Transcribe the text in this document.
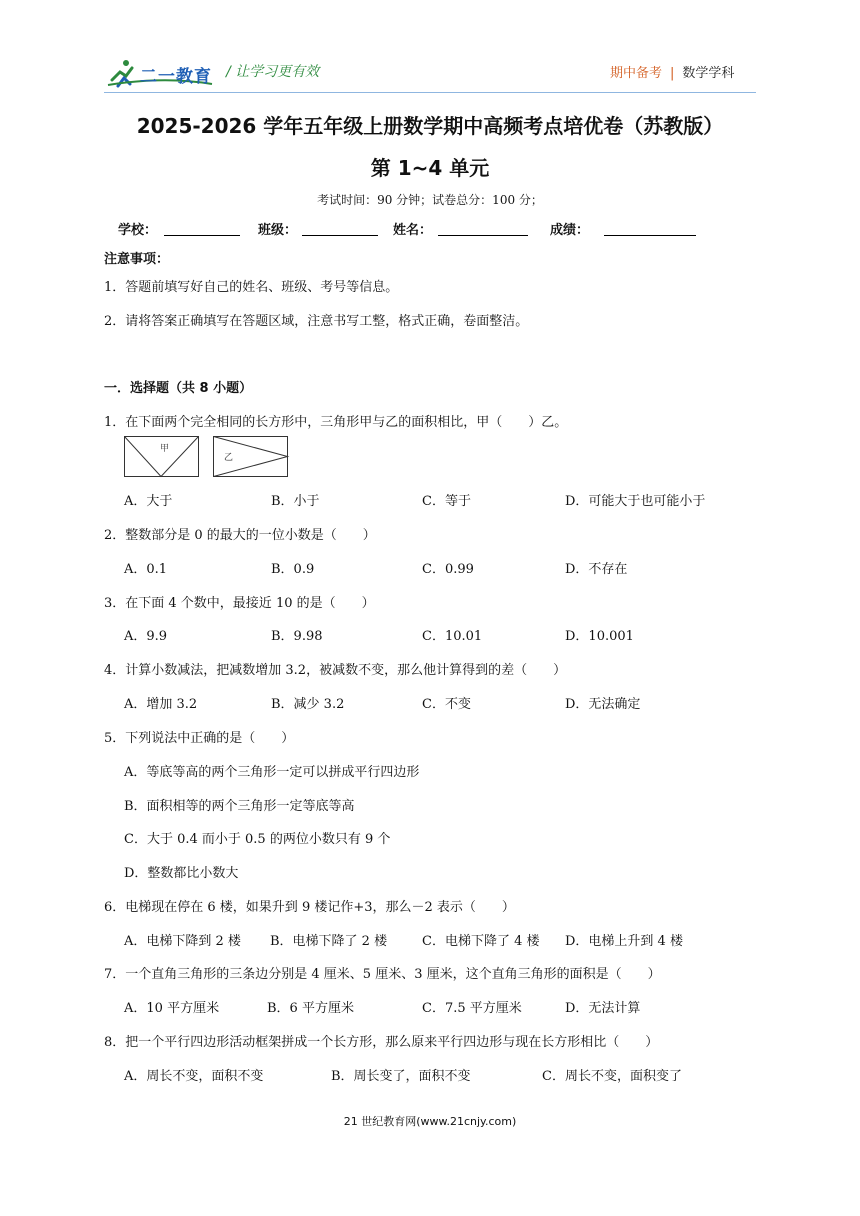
二一教育 / 让学习更有效	期中备考 | 数学学科
2025-2026 学年五年级上册数学期中高频考点培优卷（苏教版）
第 1~4 单元
考试时间：90 分钟；试卷总分：100 分；
学校：	班级：	姓名：	成绩：
注意事项：
1．答题前填写好自己的姓名、班级、考号等信息。
2．请将答案正确填写在答题区域，注意书写工整，格式正确，卷面整洁。
一．选择题（共 8 小题）
1．在下面两个完全相同的长方形中，三角形甲与乙的面积相比，甲（　　）乙。
甲
乙
A．大于	B．小于	C．等于	D．可能大于也可能小于
2．整数部分是 0 的最大的一位小数是（　　）
A．0.1	B．0.9	C．0.99	D．不存在
3．在下面 4 个数中，最接近 10 的是（　　）
A．9.9	B．9.98	C．10.01	D．10.001
4．计算小数减法，把减数增加 3.2，被减数不变，那么他计算得到的差（　　）
A．增加 3.2	B．减少 3.2	C．不变	D．无法确定
5．下列说法中正确的是（　　）
A．等底等高的两个三角形一定可以拼成平行四边形
B．面积相等的两个三角形一定等底等高
C．大于 0.4 而小于 0.5 的两位小数只有 9 个
D．整数都比小数大
6．电梯现在停在 6 楼，如果升到 9 楼记作+3，那么－2 表示（　　）
A．电梯下降到 2 楼 B．电梯下降了 2 楼	C．电梯下降了 4 楼 D．电梯上升到 4 楼
7．一个直角三角形的三条边分别是 4 厘米、5 厘米、3 厘米，这个直角三角形的面积是（　　）
A．10 平方厘米	B．6 平方厘米	C．7.5 平方厘米	D．无法计算
8．把一个平行四边形活动框架拼成一个长方形，那么原来平行四边形与现在长方形相比（　　）
A．周长不变，面积不变	B．周长变了，面积不变	C．周长不变，面积变了
21 世纪教育网(www.21cnjy.com)
